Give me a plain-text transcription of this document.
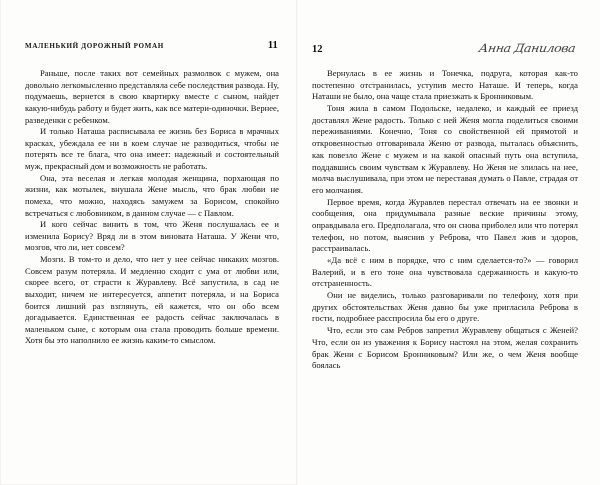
МАЛЕНЬКИЙ ДОРОЖНЫЙ РОМАН	11

Раньше, после таких вот семейных размолвок с мужем, она довольно легкомысленно представляла себе последствия развода. Ну, подумаешь, вернется в свою квартирку вместе с сыном, найдет какую-нибудь работу и будет жить, как все матери-одиночки. Вернее, разведенки с ребенком.

И только Наташа расписывала ее жизнь без Бориса в мрачных красках, убеждала ее ни в коем случае не разводиться, чтобы не потерять все те блага, что она имеет: надежный и состоятельный муж, прекрасный дом и возможность не работать.

Она, эта веселая и легкая молодая женщина, порхающая по жизни, как мотылек, внушала Жене мысль, что брак любви не помеха, что можно, находясь замужем за Борисом, спокойно встречаться с любовником, в данном случае — с Павлом.

И кого сейчас винить в том, что Женя послушалась ее и изменила Борису? Вряд ли в этом виновата Наташа. У Жени что, мозгов, что ли, нет совсем?

Мозги. В том-то и дело, что нет у нее сейчас никаких мозгов. Совсем разум потеряла. И медленно сходит с ума от любви или, скорее всего, от страсти к Журавлеву. Всё запустила, в сад не выходит, ничем не интересуется, аппетит потеряла, и на Бориса боится лишний раз взглянуть, ей кажется, что он обо всем догадывается. Единственная ее радость сейчас заключалась в маленьком сыне, с которым она стала проводить больше времени. Хотя бы это наполнило ее жизнь каким-то смыслом.

12	Анна Данилова

Вернулась в ее жизнь и Тонечка, подруга, которая как-то постепенно отстранилась, уступив место Наташе. И теперь, когда Наташи не было, она чаще стала приезжать к Бронниковым.

Тоня жила в самом Подольске, недалеко, и каждый ее приезд доставлял Жене радость. Только с ней Женя могла поделиться своими переживаниями. Конечно, Тоня со свойственной ей прямотой и откровенностью отговаривала Женю от развода, пыталась объяснить, как повезло Жене с мужем и на какой опасный путь она вступила, поддавшись своим чувствам к Журавлеву. Но Женя не злилась на нее, молча выслушивала, при этом не переставая думать о Павле, страдая от его молчания.

Первое время, когда Журавлев перестал отвечать на ее звонки и сообщения, она придумывала разные веские причины этому, оправдывала его. Предполагала, что он снова приболел или что потерял телефон, но потом, выяснив у Реброва, что Павел жив и здоров, расстраивалась.

«Да всё с ним в порядке, что с ним сделается-то?» — говорил Валерий, и в его тоне она чувствовала сдержанность и какую-то отстраненность.

Они не виделись, только разговаривали по телефону, хотя при других обстоятельствах Женя давно бы уже пригласила Реброва в гости, подробнее расспросила бы его о друге.

Что, если это сам Ребров запретил Журавлеву общаться с Женей? Что, если он из уважения к Борису настоял на этом, желая сохранить брак Жени с Борисом Бронниковым? Или же, о чем Женя вообще боялась
